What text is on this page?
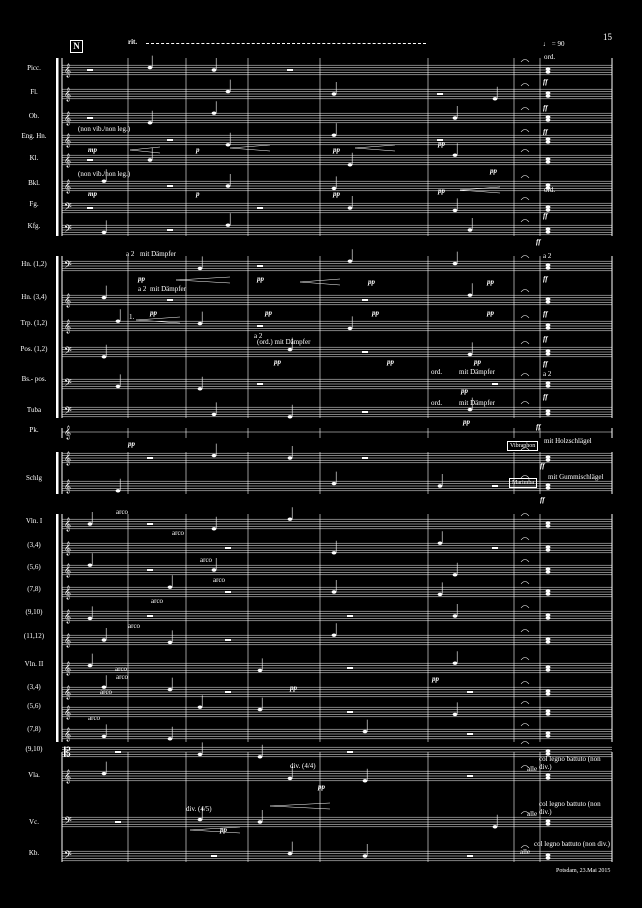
𝄞
𝄞
𝄞
𝄞
𝄞
𝄞
𝄢
𝄢
𝄢
𝄞
𝄞
𝄢
𝄢
𝄢
𝄞
𝄞
𝄞
𝄞
𝄞
𝄞
𝄞
𝄞
𝄞
𝄞
𝄞
𝄞
𝄞
𝄡
𝄞
𝄢
𝄢
15
N	rit.	♩ = 90
Picc.
Fl.
Ob.
Eng. Hn.
Kl.
Bkl.
Fg.
Kfg.
Hn. (1,2)
Hn. (3,4)
Trp. (1,2)
Pos. (1,2)
Bs.- pos.
Tuba
Pk.
Schlg
Vln. I
(3,4)
(5,6)
(7,8)
(9,10)
(11,12)
Vln. II
(3,4)
(5,6)
(7,8)
(9,10)
Vla.
Vc.
Kb.
(non vib./non leg.)
(non vib./non leg.)
a 2 mit Dämpfer
a 2 mit Dämpfer
1.
a 2
(ord.) mit Dämpfer
ord. mit Dämpfer
ord. mit Dämpfer
ord.
ord.
a 2
a 2
Vibraphon
mit Holzschlägel
Marimba
mit Gummischlägel
arco
arco
arco
arco
arco
arco
arco
arco
arco
arco
div. (4/4)
div. (4/5)
alle
col legno battuto (non div.)
alle
col legno battuto (non div.)
alle
col legno battuto (non div.)
mp
mp
p
p
pp
pp
pp
pp
pp
pp
pp
pp
pp
pp
pp
pp
pp
pp	pp	pp
pp
pp
pp
pp
pp
pp
pp
ff
ff
ff
ff
ff
ff
ff
ff
ff
ff
ff
ff
ff
Potsdam, 23.Mai 2015
